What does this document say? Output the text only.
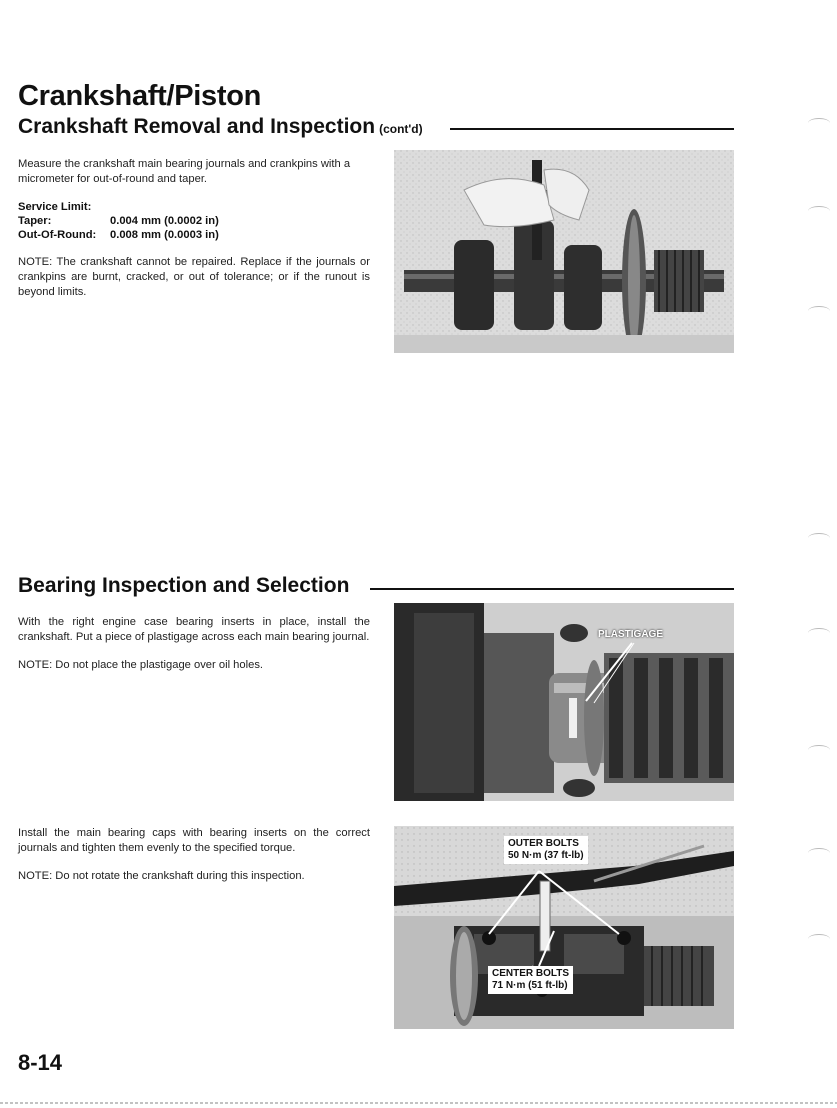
Crankshaft/Piston
Crankshaft Removal and Inspection (cont'd)

Measure the crankshaft main bearing journals and crankpins with a micrometer for out-of-round and taper.

Service Limit:
Taper:	0.004 mm (0.0002 in)
Out-Of-Round:	0.008 mm (0.0003 in)

NOTE: The crankshaft cannot be repaired. Replace if the journals or crankpins are burnt, cracked, or out of tolerance; or if the runout is beyond limits.

Bearing Inspection and Selection

With the right engine case bearing inserts in place, install the crankshaft. Put a piece of plastigage across each main bearing journal.

NOTE: Do not place the plastigage over oil holes.

PLASTIGAGE

Install the main bearing caps with bearing inserts on the correct journals and tighten them evenly to the specified torque.

NOTE: Do not rotate the crankshaft during this inspection.

OUTER BOLTS
50 N·m (37 ft-lb)
CENTER BOLTS
71 N·m (51 ft-lb)
8-14
